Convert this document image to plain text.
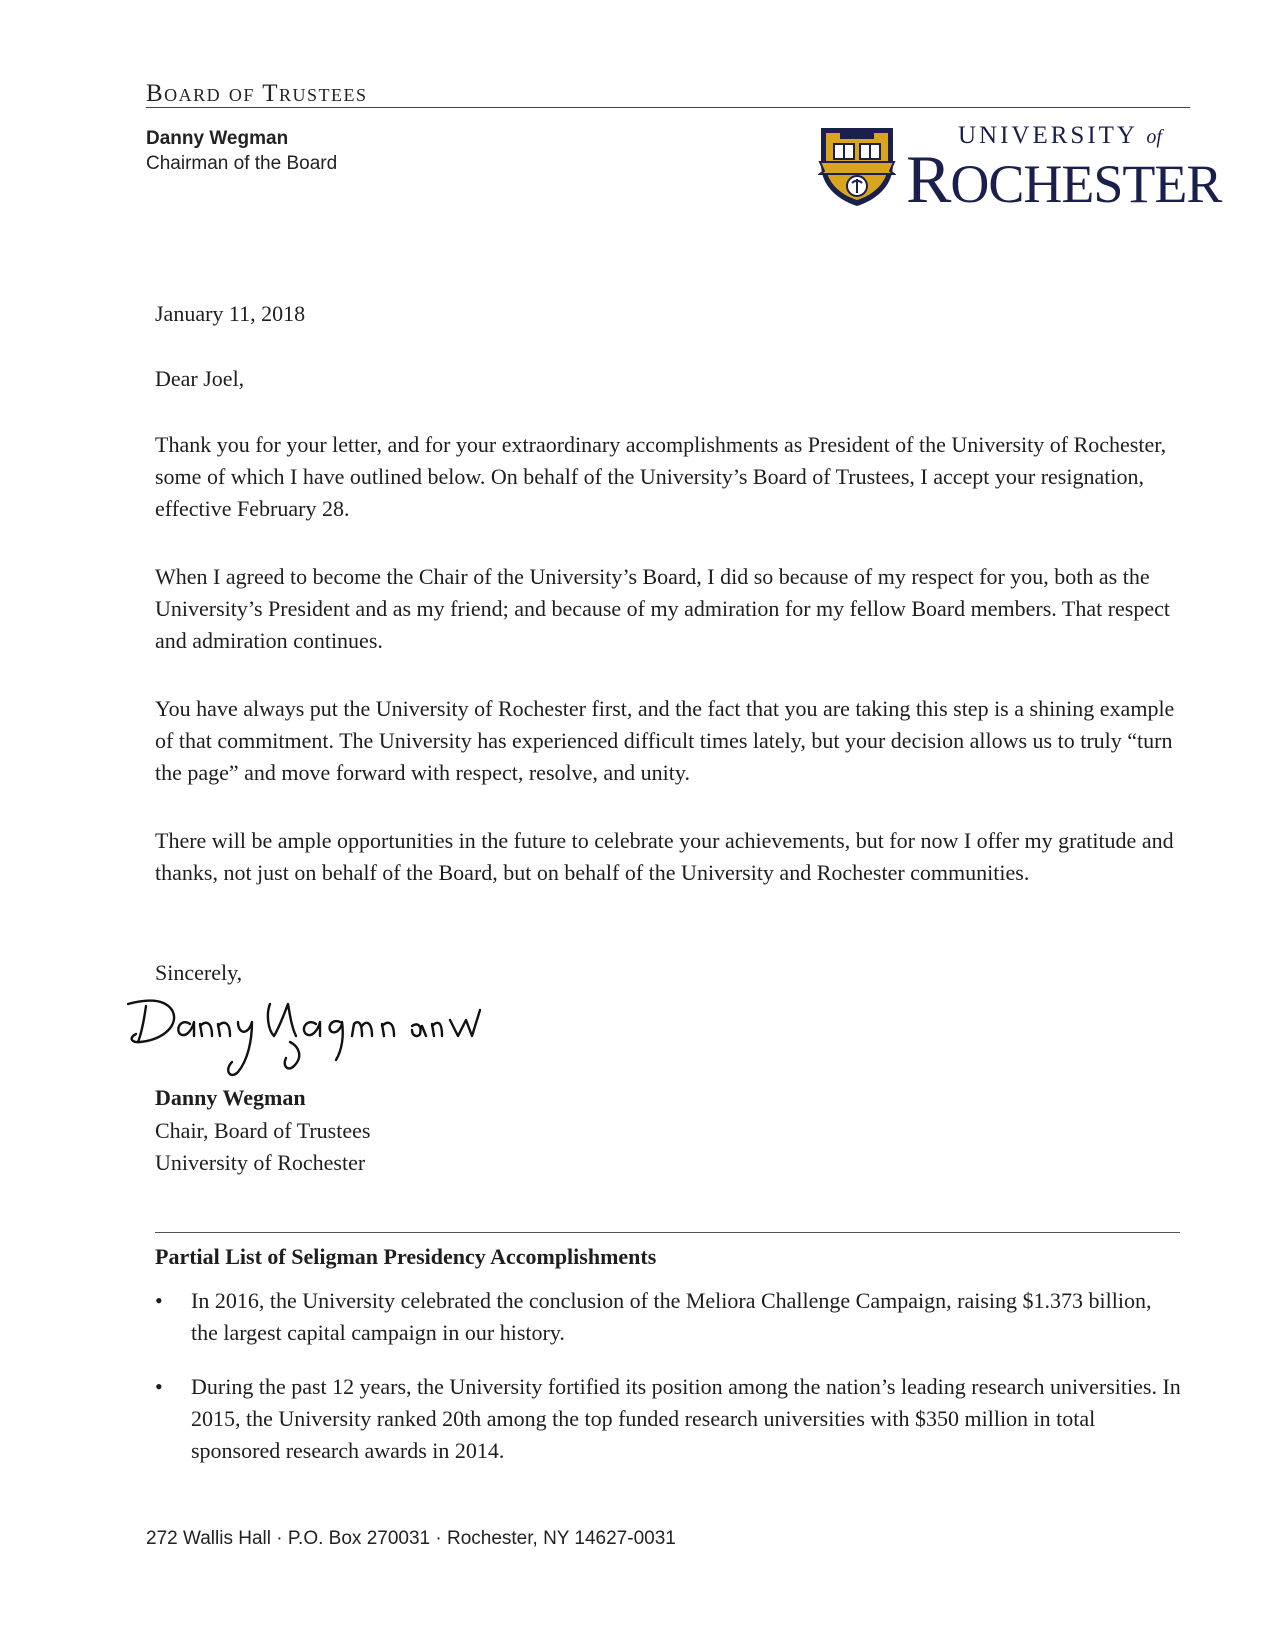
Board of Trustees
Danny Wegman
Chairman of the Board
UNIVERSITY of
ROCHESTER
January 11, 2018
Dear Joel,
Thank you for your letter, and for your extraordinary accomplishments as President of the University of Rochester, some of which I have outlined below. On behalf of the University’s Board of Trustees, I accept your resignation, effective February 28.
When I agreed to become the Chair of the University’s Board, I did so because of my respect for you, both as the University’s President and as my friend; and because of my admiration for my fellow Board members. That respect and admiration continues.
You have always put the University of Rochester first, and the fact that you are taking this step is a shining example of that commitment. The University has experienced difficult times lately, but your decision allows us to truly “turn the page” and move forward with respect, resolve, and unity.
There will be ample opportunities in the future to celebrate your achievements, but for now I offer my gratitude and thanks, not just on behalf of the Board, but on behalf of the University and Rochester communities.
Sincerely,
Danny Wegman
Chair, Board of Trustees
University of Rochester
Partial List of Seligman Presidency Accomplishments
•	In 2016, the University celebrated the conclusion of the Meliora Challenge Campaign, raising $1.373 billion, the largest capital campaign in our history.
•	During the past 12 years, the University fortified its position among the nation’s leading research universities. In 2015, the University ranked 20th among the top funded research universities with $350 million in total sponsored research awards in 2014.
272 Wallis Hall · P.O. Box 270031 · Rochester, NY 14627-0031
